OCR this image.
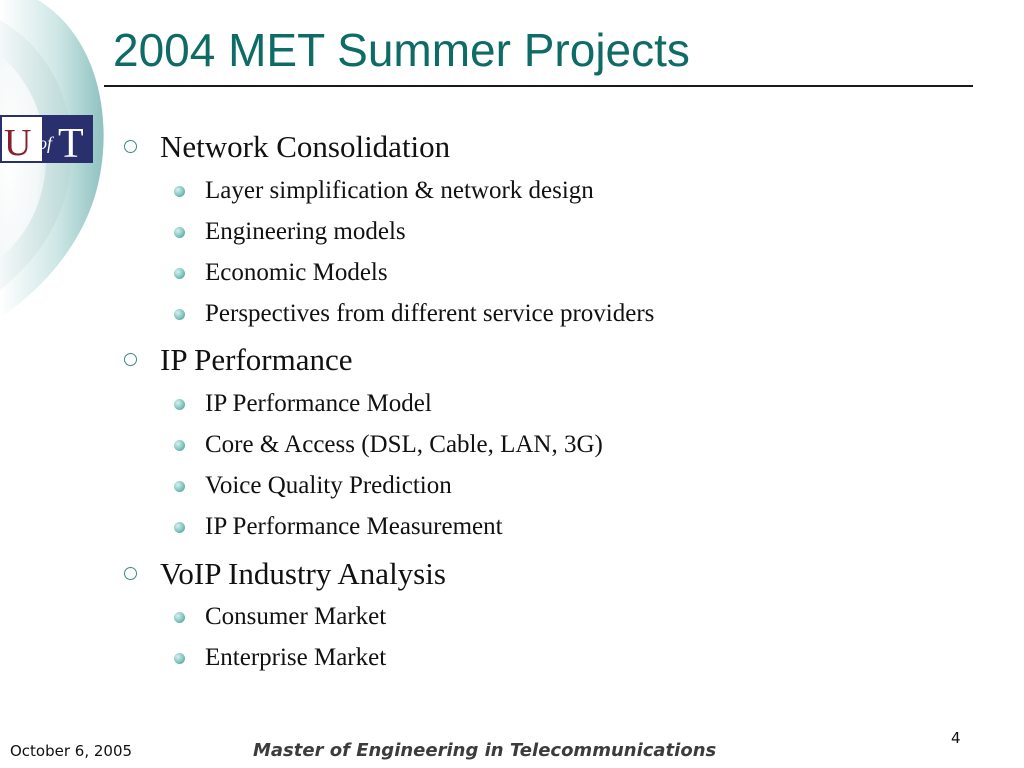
U of T
2004 MET Summer Projects
Network Consolidation
Layer simplification & network design
Engineering models
Economic Models
Perspectives from different service providers
IP Performance
IP Performance Model
Core & Access (DSL, Cable, LAN, 3G)
Voice Quality Prediction
IP Performance Measurement
VoIP Industry Analysis
Consumer Market
Enterprise Market
October 6, 2005	Master of Engineering in Telecommunications
4
